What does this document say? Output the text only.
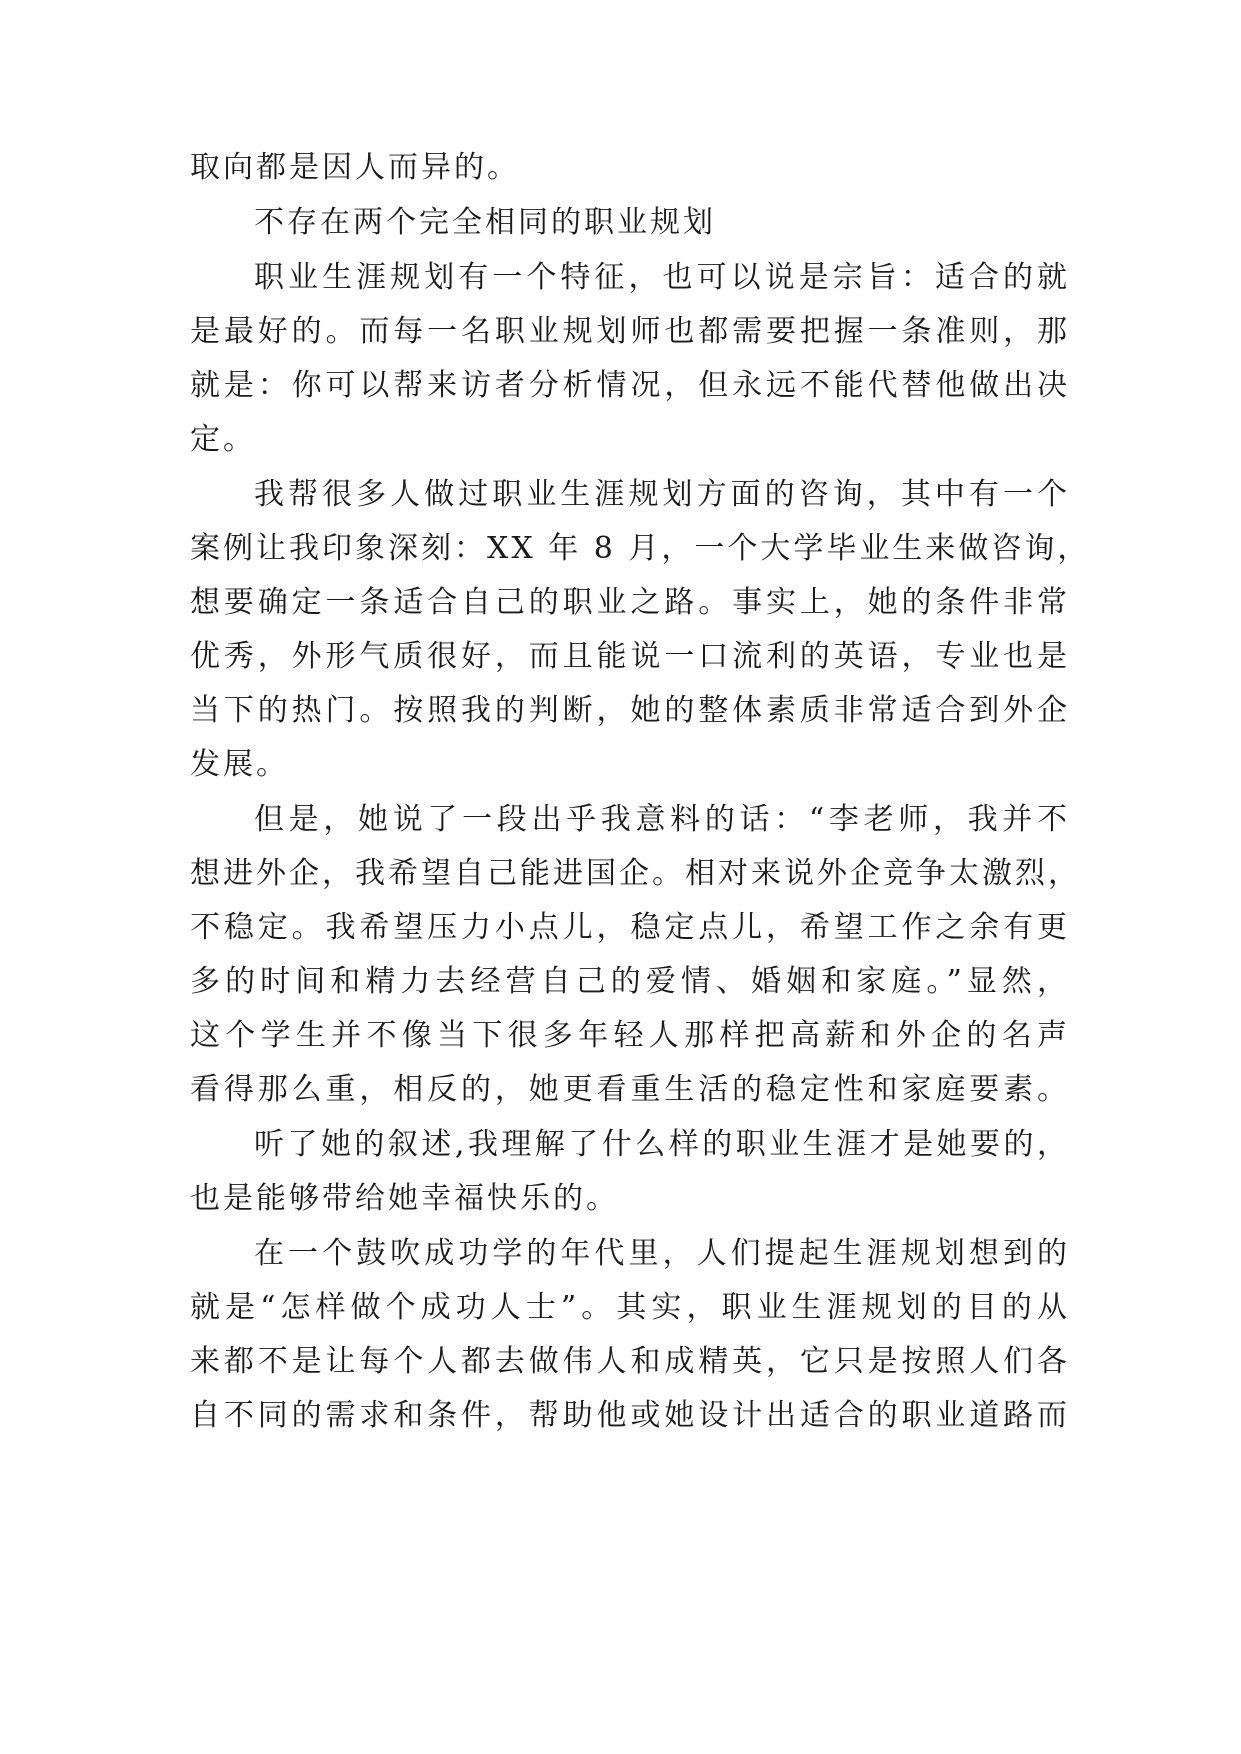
取向都是因人而异的。
不存在两个完全相同的职业规划
职业生涯规划有一个特征，也可以说是宗旨：适合的就
是最好的。而每一名职业规划师也都需要把握一条准则，那
就是：你可以帮来访者分析情况，但永远不能代替他做出决
定。
我帮很多人做过职业生涯规划方面的咨询，其中有一个
案例让我印象深刻：XX 年 8 月，一个大学毕业生来做咨询，
想要确定一条适合自己的职业之路。事实上，她的条件非常
优秀，外形气质很好，而且能说一口流利的英语，专业也是
当下的热门。按照我的判断，她的整体素质非常适合到外企
发展。
但是，她说了一段出乎我意料的话：“李老师，我并不
想进外企，我希望自己能进国企。相对来说外企竞争太激烈，
不稳定。我希望压力小点儿，稳定点儿，希望工作之余有更
多的时间和精力去经营自己的爱情、婚姻和家庭。”显然，
这个学生并不像当下很多年轻人那样把高薪和外企的名声
看得那么重，相反的，她更看重生活的稳定性和家庭要素。
听了她的叙述,我理解了什么样的职业生涯才是她要的，
也是能够带给她幸福快乐的。
在一个鼓吹成功学的年代里，人们提起生涯规划想到的
就是“怎样做个成功人士”。其实，职业生涯规划的目的从
来都不是让每个人都去做伟人和成精英，它只是按照人们各
自不同的需求和条件，帮助他或她设计出适合的职业道路而
